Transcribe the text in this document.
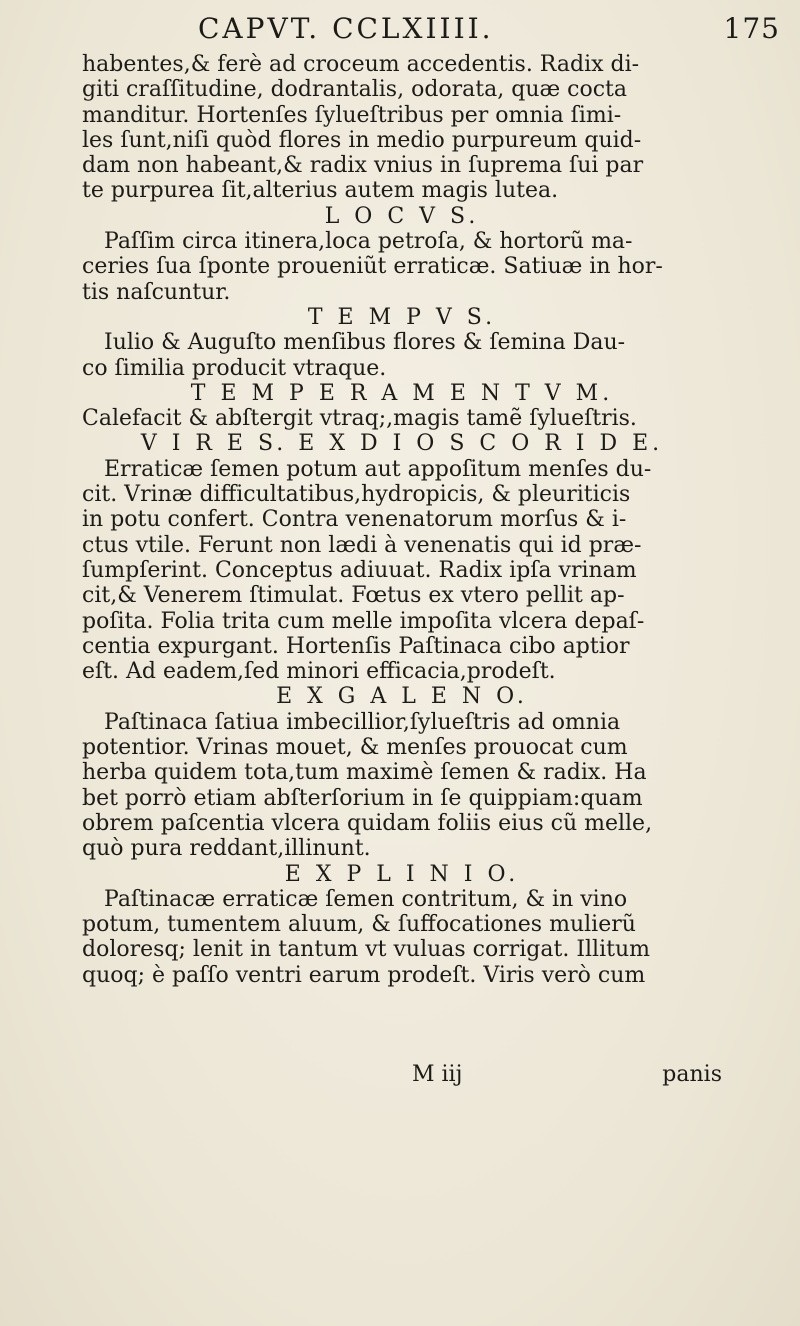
CAPVT. CCLXIIII.	175
habentes,& ferè ad croceum accedentis. Radix di-
giti craſſitudine, dodrantalis, odorata, quæ cocta
manditur. Hortenſes ſylueſtribus per omnia ſimi-
les ſunt,niſi quòd flores in medio purpureum quid-
dam non habeant,& radix vnius in ſuprema ſui par
te purpurea ſit,alterius autem magis lutea.
L O C V S.
Paſſim circa itinera,loca petroſa, & hortorũ ma-
ceries ſua ſponte proueniũt erraticæ. Satiuæ in hor-
tis naſcuntur.
T E M P V S.
Iulio & Auguſto menſibus flores & ſemina Dau-
co ſimilia producit vtraque.
T E M P E R A M E N T V M.
Calefacit & abſtergit vtraq;,magis tamẽ ſylueſtris.
V I R E S. E X D I O S C O R I D E.
Erraticæ ſemen potum aut appoſitum menſes du-
cit. Vrinæ difficultatibus,hydropicis, & pleuriticis
in potu confert. Contra venenatorum morſus & i-
ctus vtile. Ferunt non lædi à venenatis qui id præ-
ſumpſerint. Conceptus adiuuat. Radix ipſa vrinam
cit,& Venerem ſtimulat. Fœtus ex vtero pellit ap-
poſita. Folia trita cum melle impoſita vlcera depaſ-
centia expurgant. Hortenſis Paſtinaca cibo aptior
eſt. Ad eadem,ſed minori efficacia,prodeſt.
E X G A L E N O.
Paſtinaca ſatiua imbecillior,ſylueſtris ad omnia
potentior. Vrinas mouet, & menſes prouocat cum
herba quidem tota,tum maximè ſemen & radix. Ha
bet porrò etiam abſterſorium in ſe quippiam:quam
obrem paſcentia vlcera quidam foliis eius cũ melle,
quò pura reddant,illinunt.
E X P L I N I O.
Paſtinacæ erraticæ ſemen contritum, & in vino
potum, tumentem aluum, & ſuffocationes mulierũ
doloresq; lenit in tantum vt vuluas corrigat. Illitum
quoq; è paſſo ventri earum prodeſt. Viris verò cum
M iij	panis
